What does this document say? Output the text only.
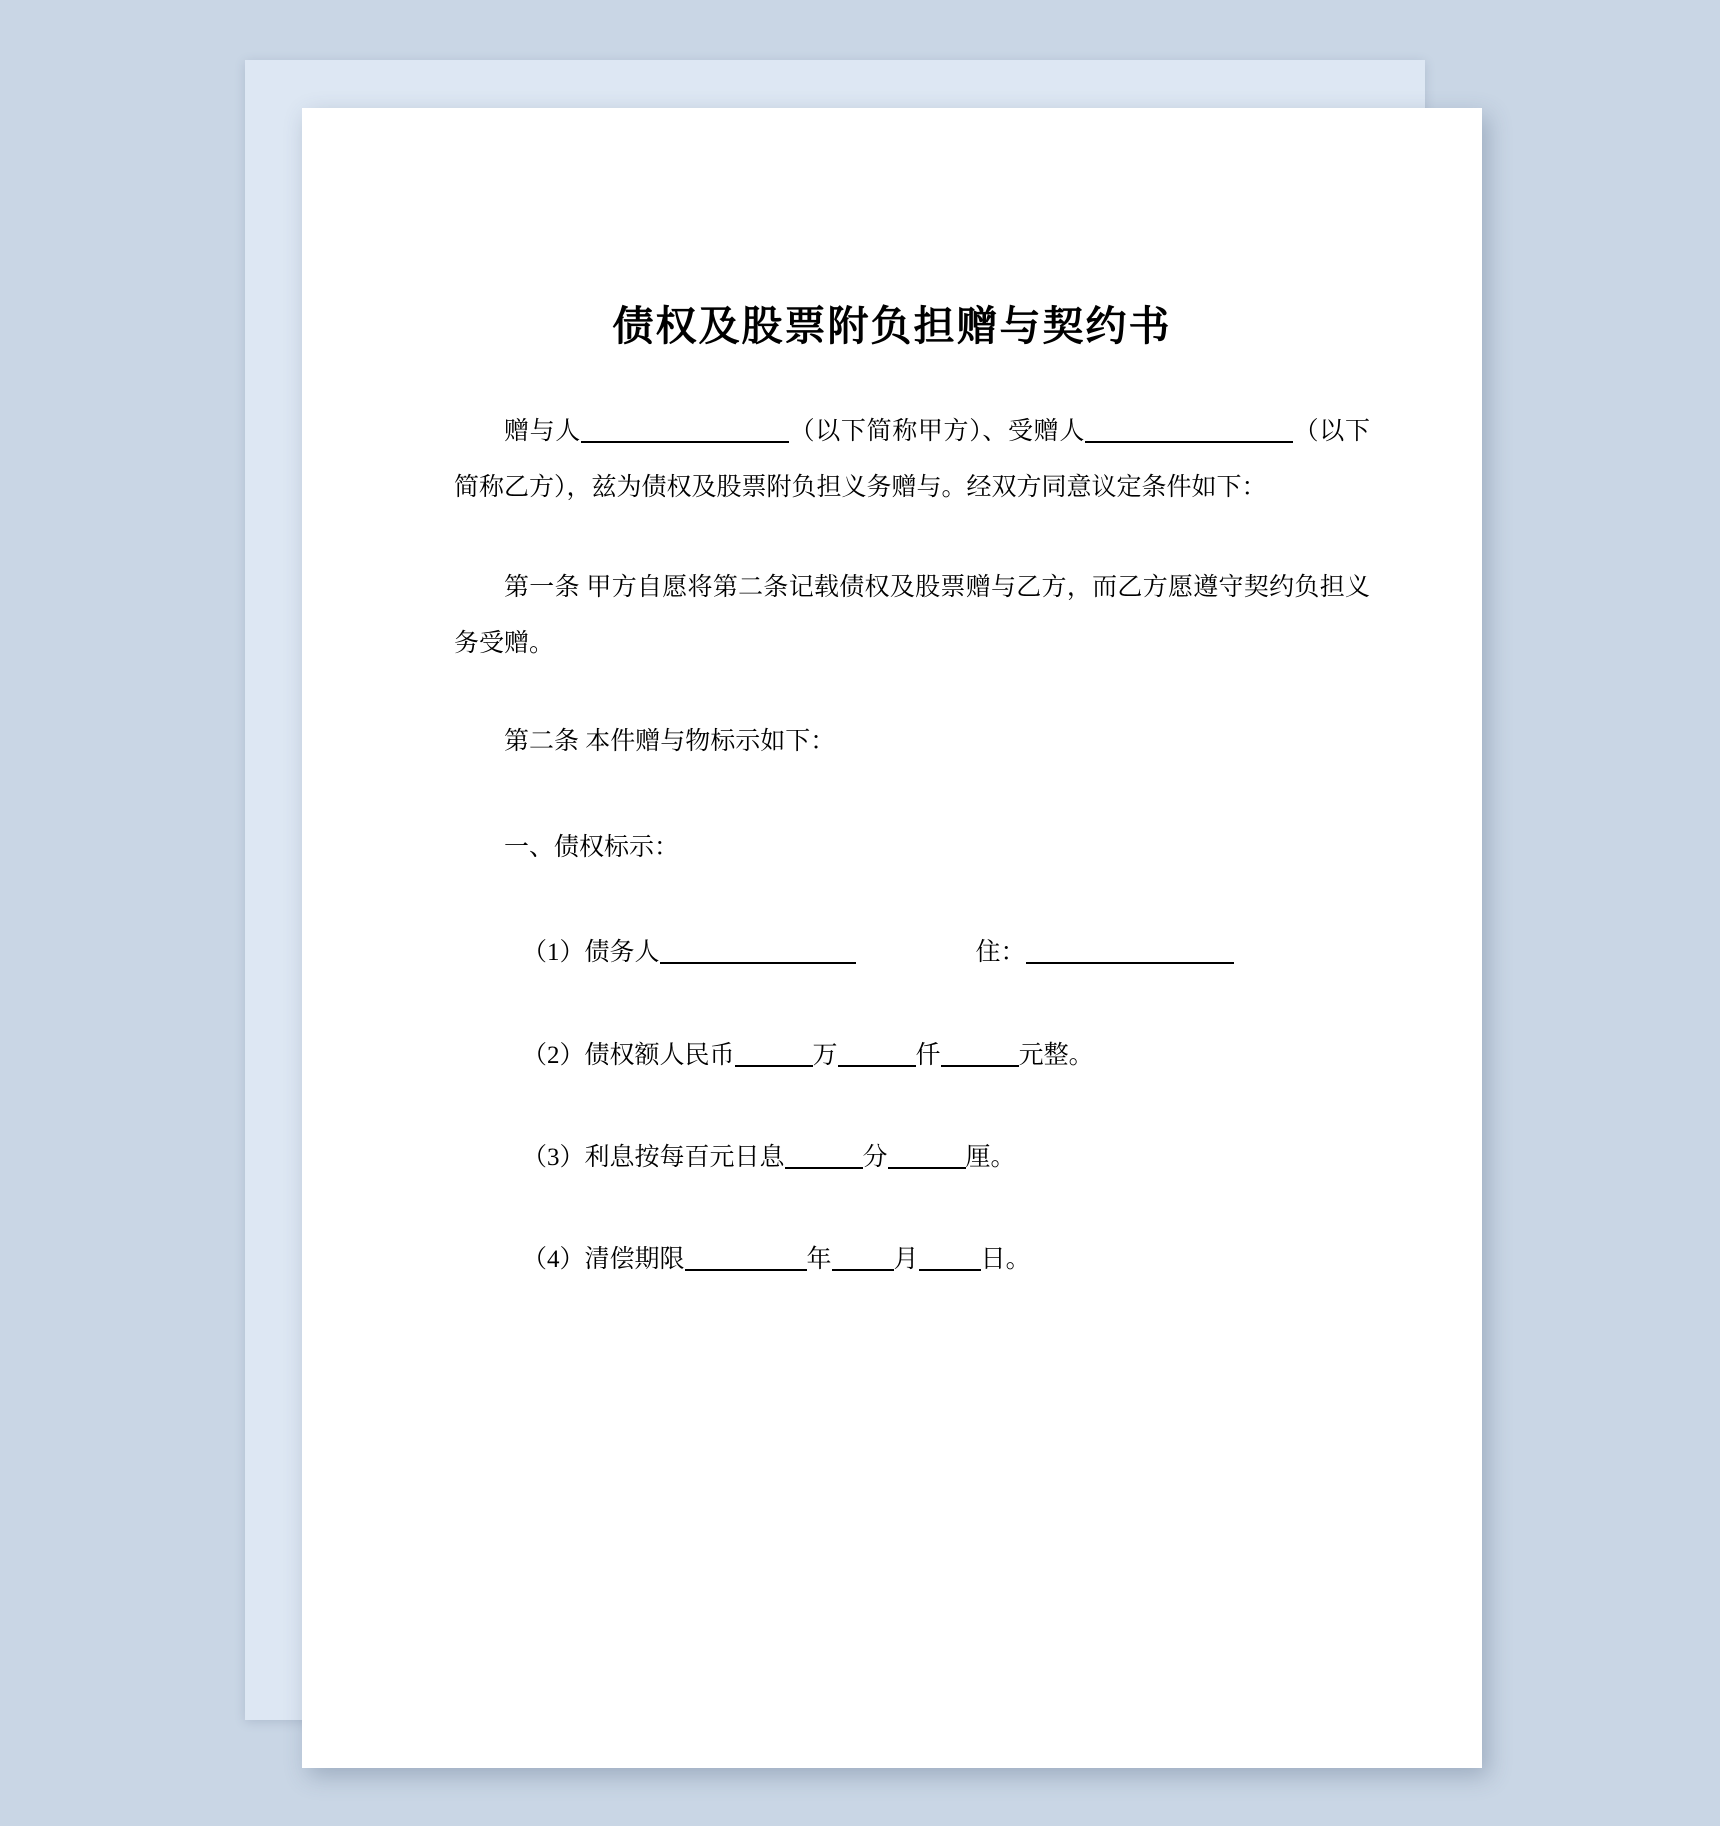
债权及股票附负担赠与契约书
赠与人	（以下简称甲方）、受赠人	（以下简称乙方），兹为债权及股票附负担义务赠与。经双方同意议定条件如下：
第一条 甲方自愿将第二条记载债权及股票赠与乙方，而乙方愿遵守契约负担义务受赠。
第二条 本件赠与物标示如下：
一、债权标示：
（1）债务人	住：
（2）债权额人民币	万	仟	元整。
（3）利息按每百元日息	分	厘。
（4）清偿期限	年 月 日。
